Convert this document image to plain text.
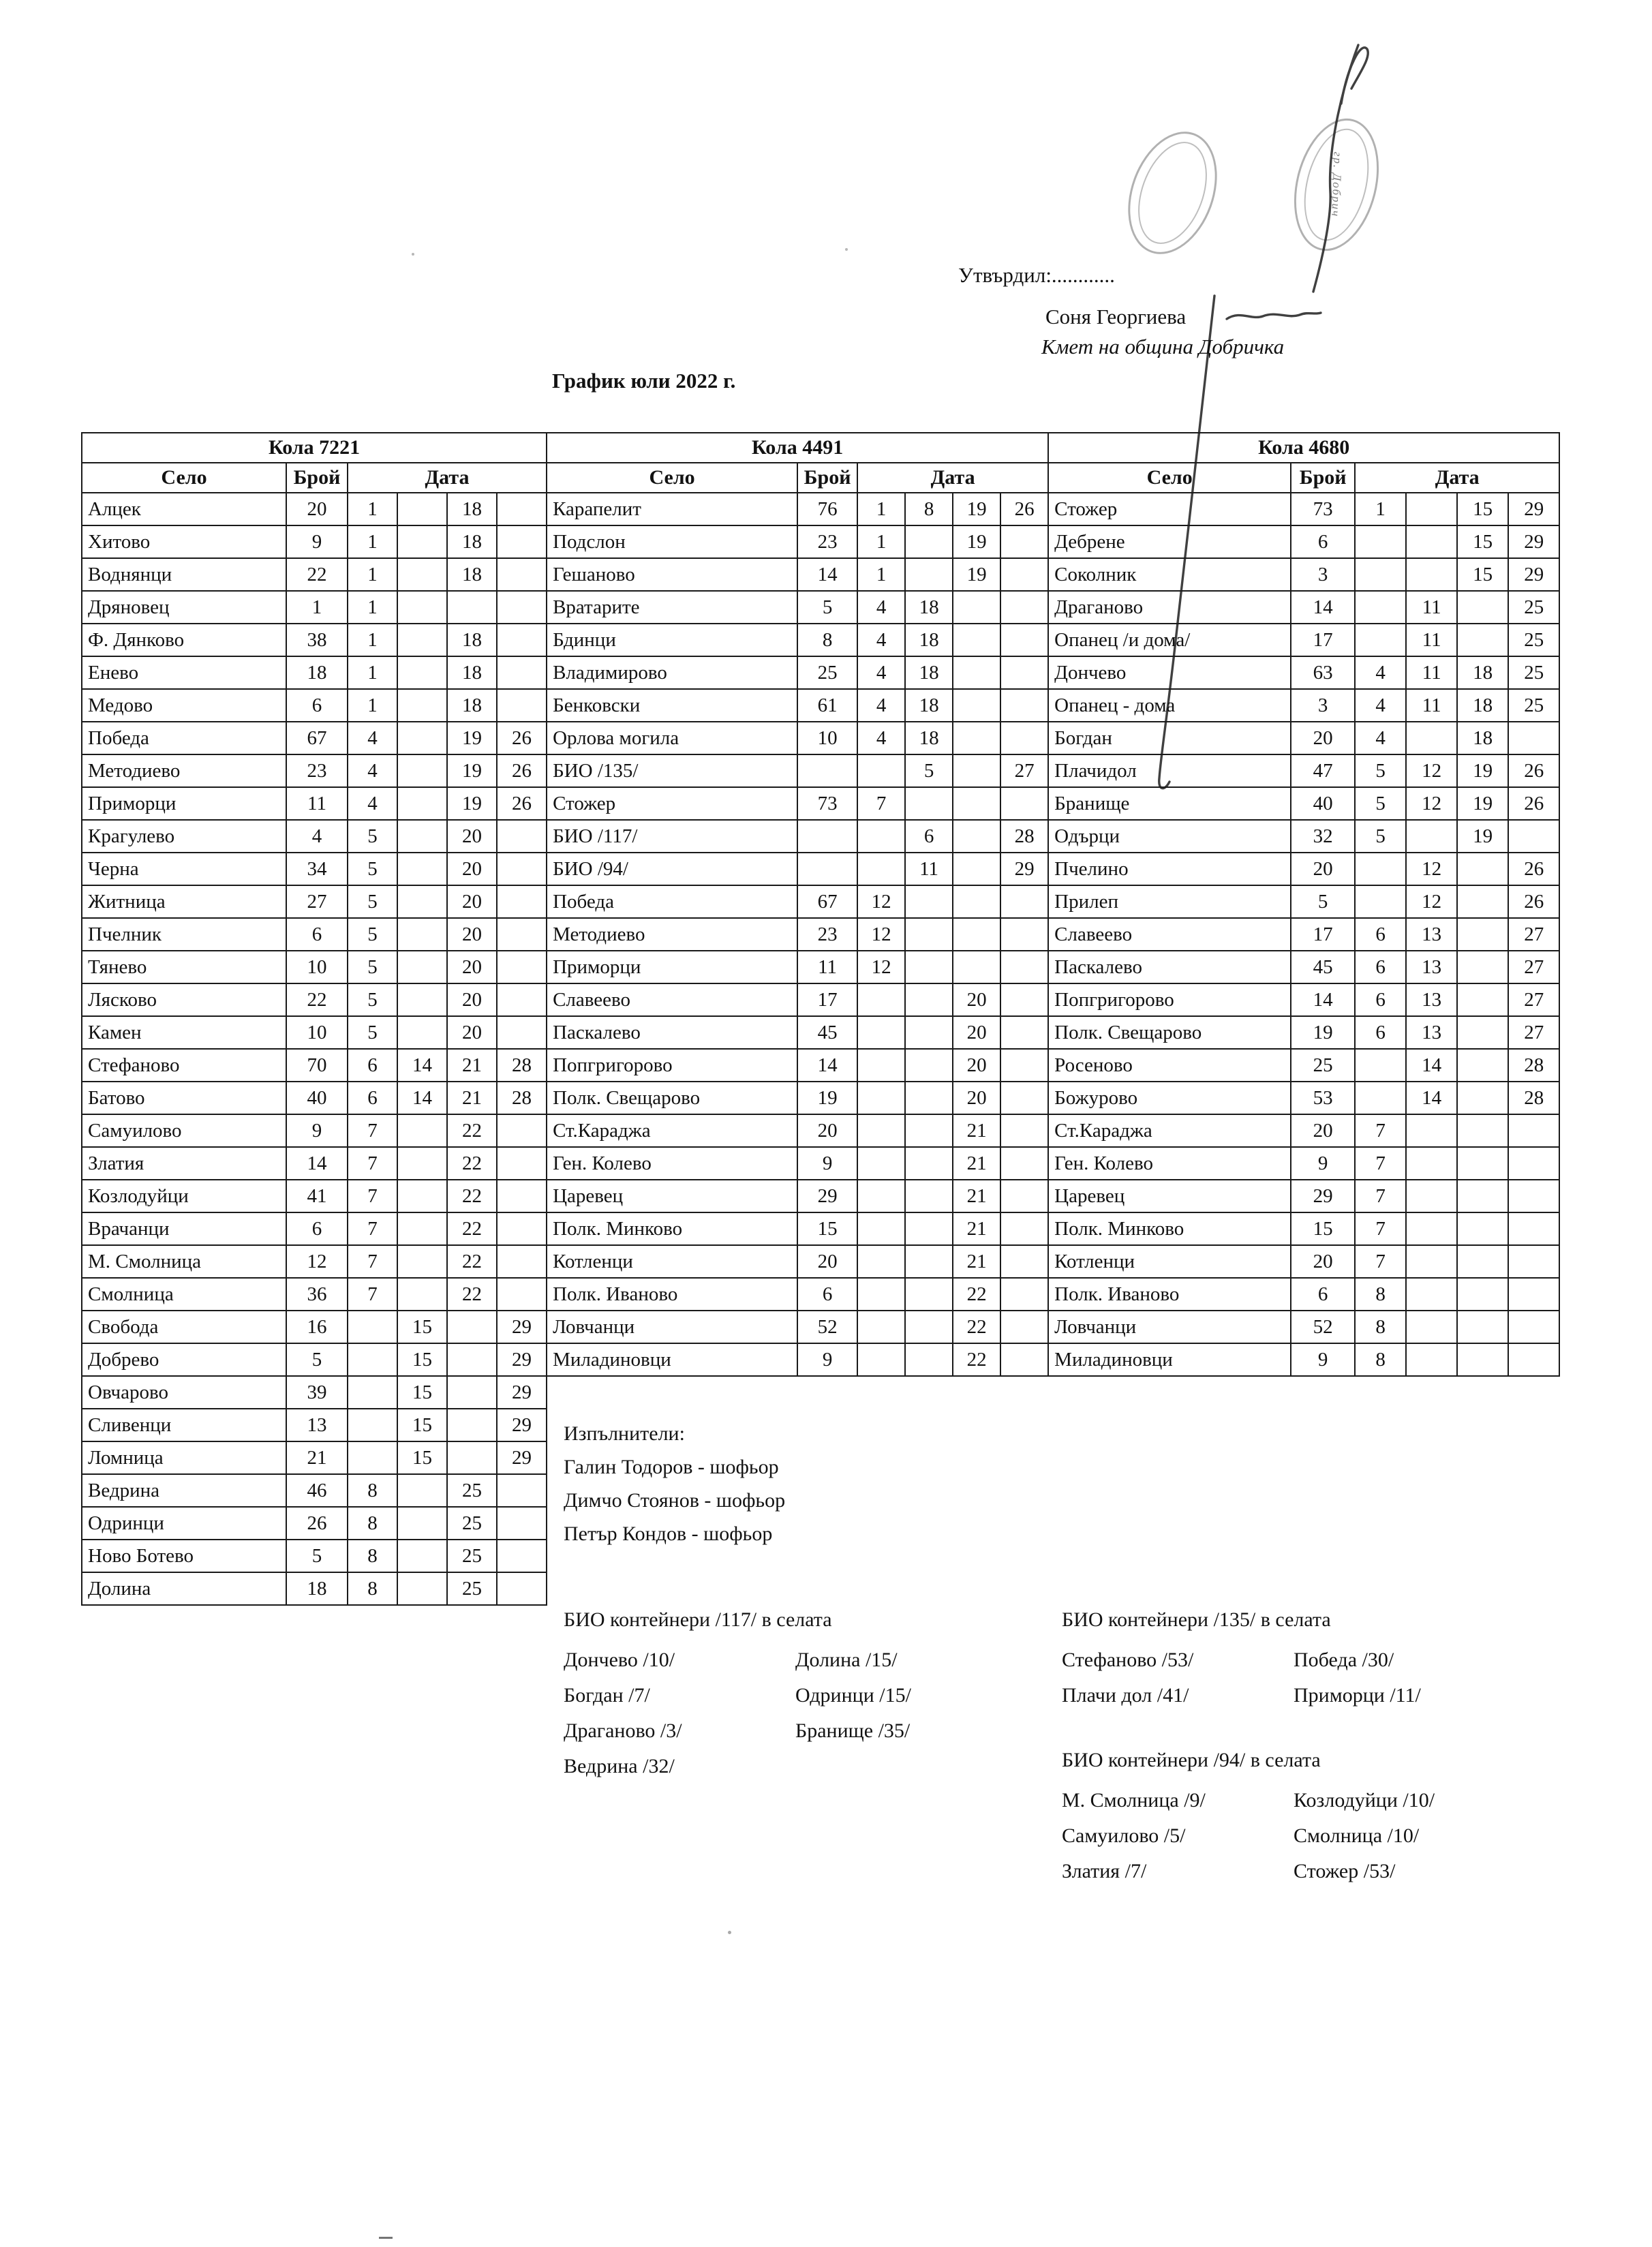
гр. Добрич
Утвърдил:............
Соня Георгиева
Кмет на община Добричка
График юли 2022 г.
Кола 7221					
Село	Брой	Дата			
Алцек	20	1		18	
Хитово	9	1		18	
Воднянци	22	1		18	
Дряновец	1	1			
Ф. Дянково	38	1		18	
Енево	18	1		18	
Медово	6	1		18	
Победа	67	4		19	26
Методиево	23	4		19	26
Приморци	11	4		19	26
Крагулево	4	5		20	
Черна	34	5		20	
Житница	27	5		20	
Пчелник	6	5		20	
Тянево	10	5		20	
Лясково	22	5		20	
Камен	10	5		20	
Стефаново	70	6	14	21	28
Батово	40	6	14	21	28
Самуилово	9	7		22	
Златия	14	7		22	
Козлодуйци	41	7		22	
Врачанци	6	7		22	
М. Смолница	12	7		22	
Смолница	36	7		22	
Свобода	16		15		29
Добрево	5		15		29
Овчарово	39		15		29
Сливенци	13		15		29
Ломница	21		15		29
Ведрина	46	8		25	
Одринци	26	8		25	
Ново Ботево	5	8		25	
Долина	18	8		25	
Кола 4491					
Село	Брой	Дата			
Карапелит	76	1	8	19	26
Подслон	23	1		19	
Гешаново	14	1		19	
Вратарите	5	4	18		
Бдинци	8	4	18		
Владимирово	25	4	18		
Бенковски	61	4	18		
Орлова могила	10	4	18		
БИО /135/			5		27
Стожер	73	7			
БИО /117/			6		28
БИО /94/			11		29
Победа	67	12			
Методиево	23	12			
Приморци	11	12			
Славеево	17			20	
Паскалево	45			20	
Попгригорово	14			20	
Полк. Свещарово	19			20	
Ст.Караджа	20			21	
Ген. Колево	9			21	
Царевец	29			21	
Полк. Минково	15			21	
Котленци	20			21	
Полк. Иваново	6			22	
Ловчанци	52			22	
Миладиновци	9			22	
Кола 4680					
Село	Брой	Дата			
Стожер	73	1		15	29
Дебрене	6			15	29
Соколник	3			15	29
Драганово	14		11		25
Опанец /и дома/	17		11		25
Дончево	63	4	11	18	25
Опанец - дома	3	4	11	18	25
Богдан	20	4		18	
Плачидол	47	5	12	19	26
Бранище	40	5	12	19	26
Одърци	32	5		19	
Пчелино	20		12		26
Прилеп	5		12		26
Славеево	17	6	13		27
Паскалево	45	6	13		27
Попгригорово	14	6	13		27
Полк. Свещарово	19	6	13		27
Росеново	25		14		28
Божурово	53		14		28
Ст.Караджа	20	7			
Ген. Колево	9	7			
Царевец	29	7			
Полк. Минково	15	7			
Котленци	20	7			
Полк. Иваново	6	8			
Ловчанци	52	8			
Миладиновци	9	8			
Изпълнители:
Галин Тодоров - шофьор
Димчо Стоянов - шофьор
Петър Кондов - шофьор
БИО контейнери /117/ в селата
Дончево /10/	Долина /15/
Богдан /7/	Одринци /15/
Драганово /3/	Бранище /35/
Ведрина /32/
БИО контейнери /135/ в селата
Стефаново /53/	Победа /30/
Плачи дол /41/	Приморци /11/
БИО контейнери /94/ в селата
М. Смолница /9/	Козлодуйци /10/
Самуилово /5/	Смолница /10/
Златия /7/	Стожер /53/
